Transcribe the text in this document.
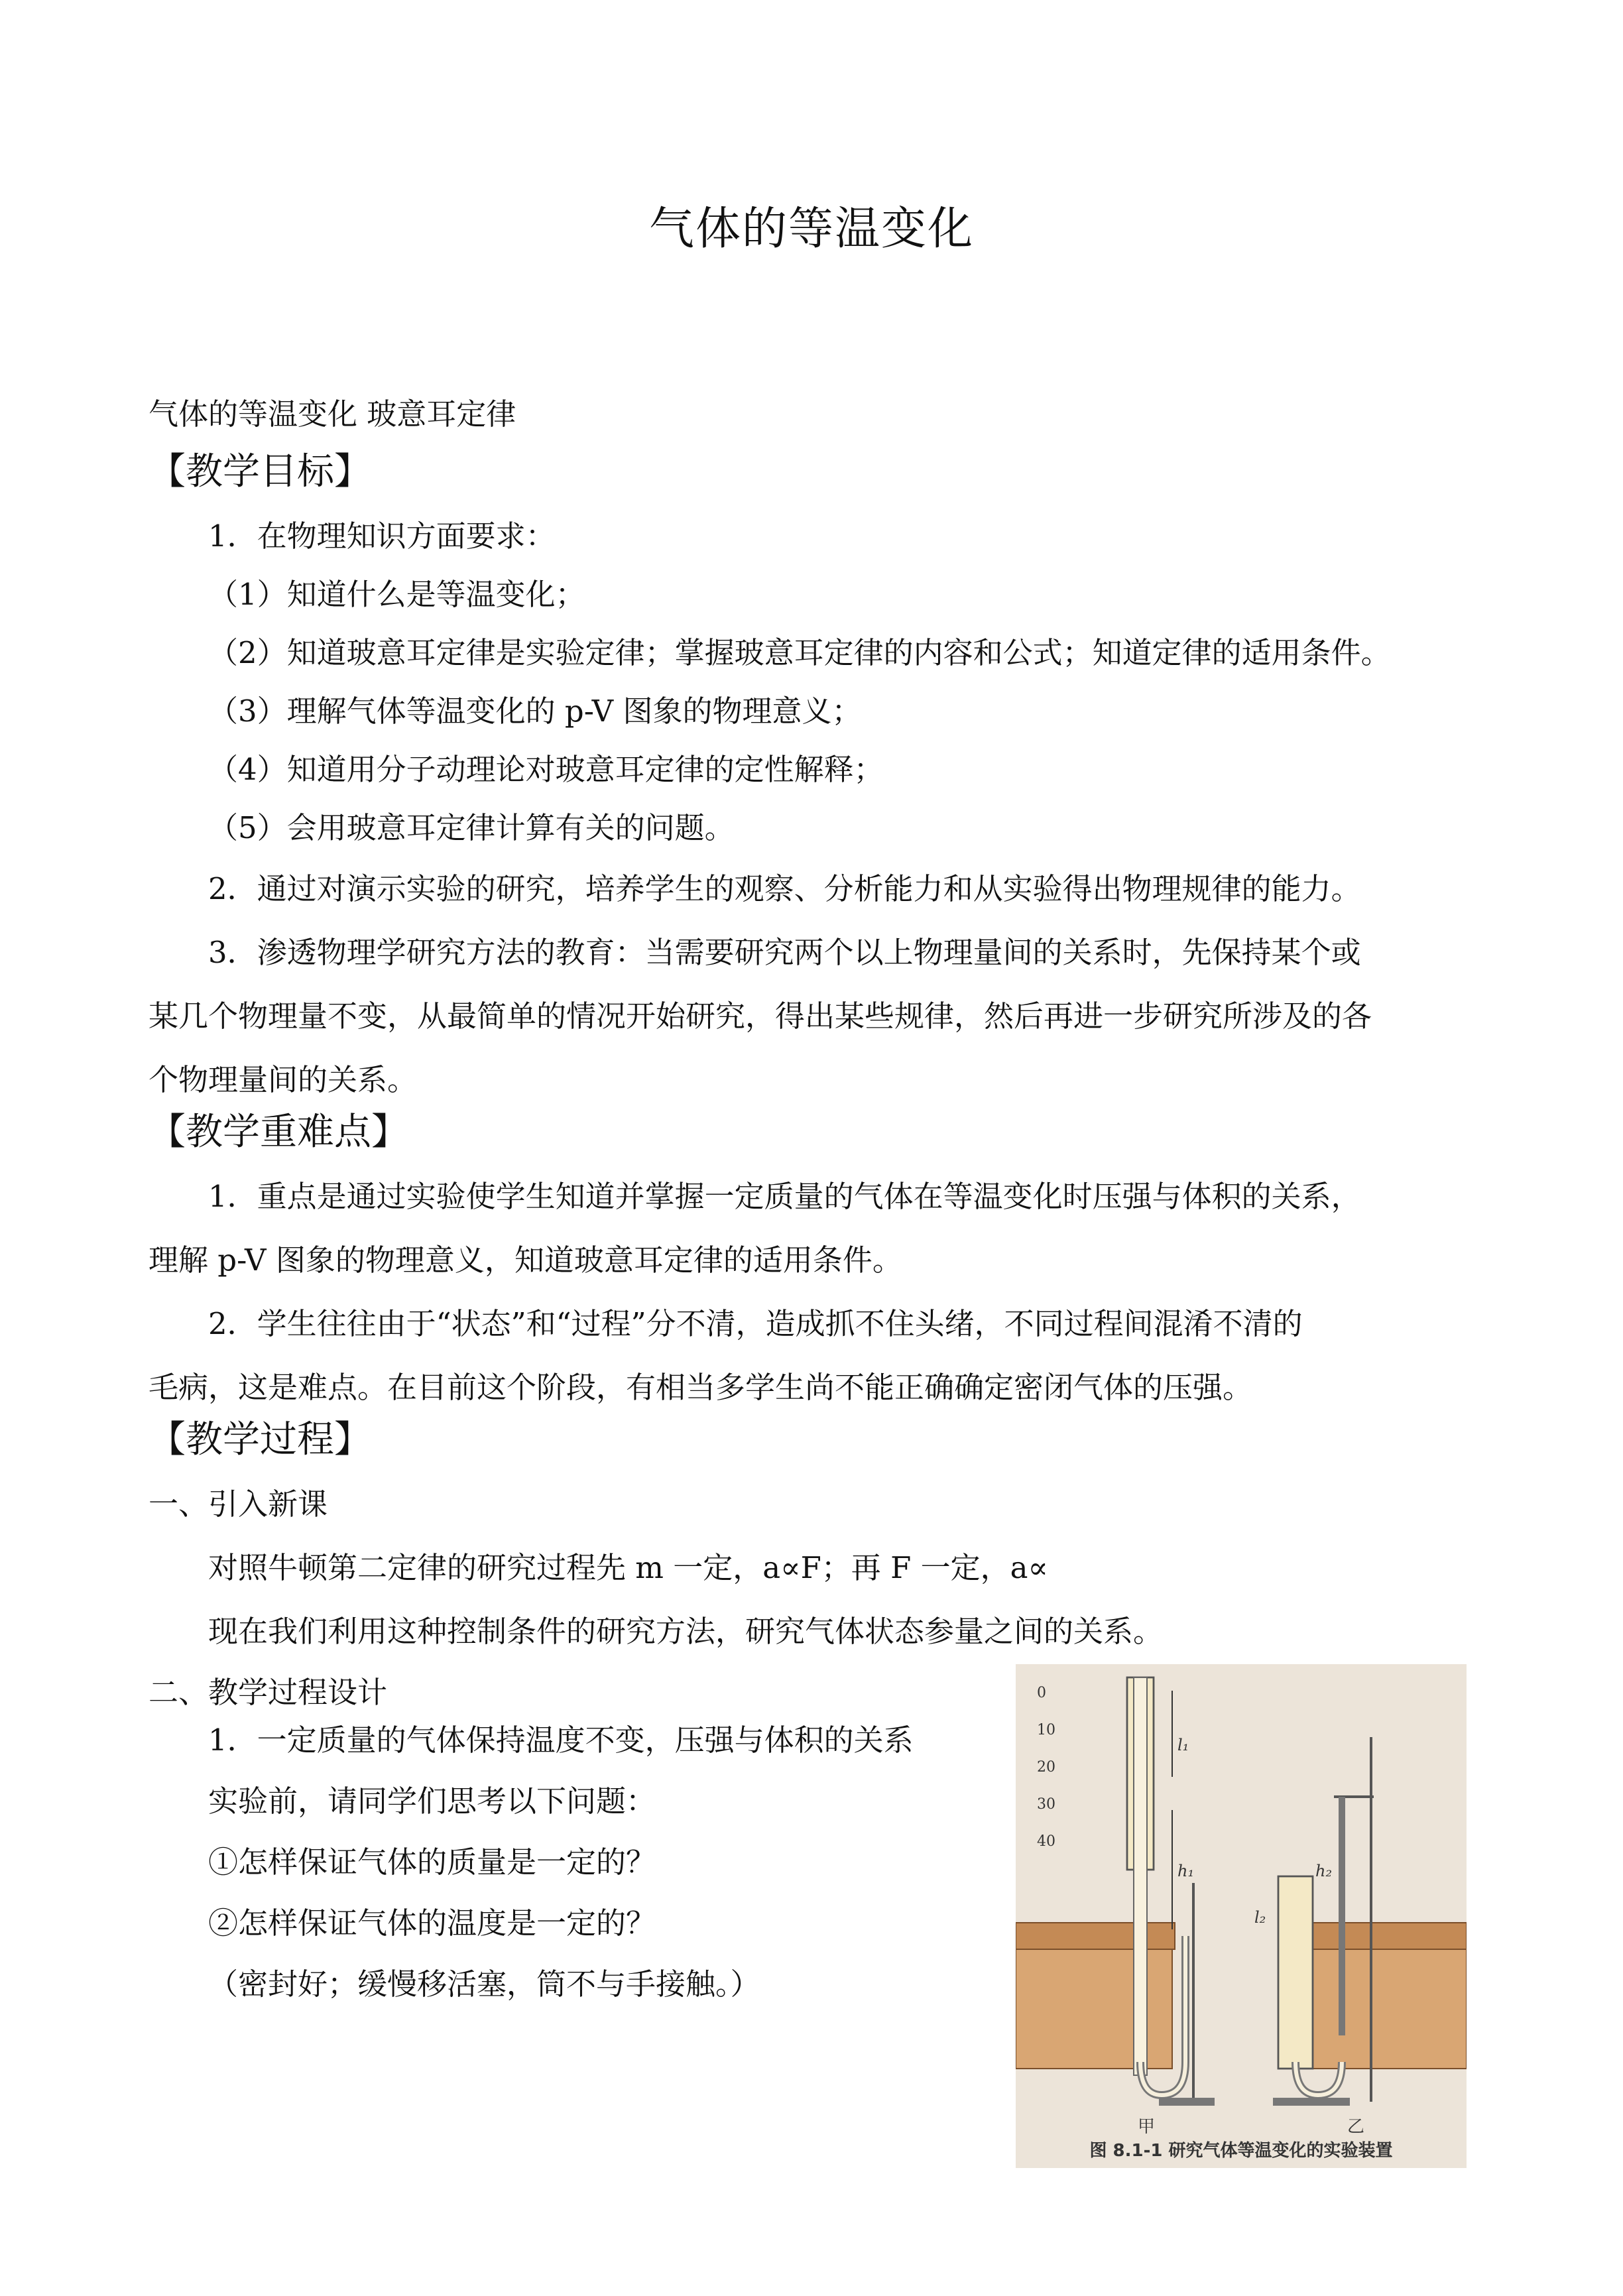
气体的等温变化
气体的等温变化 玻意耳定律
【教学目标】
1．在物理知识方面要求：
（1）知道什么是等温变化；
（2）知道玻意耳定律是实验定律；掌握玻意耳定律的内容和公式；知道定律的适用条件。
（3）理解气体等温变化的 p-V 图象的物理意义；
（4）知道用分子动理论对玻意耳定律的定性解释；
（5）会用玻意耳定律计算有关的问题。
2．通过对演示实验的研究，培养学生的观察、分析能力和从实验得出物理规律的能力。
3．渗透物理学研究方法的教育：当需要研究两个以上物理量间的关系时，先保持某个或
某几个物理量不变，从最简单的情况开始研究，得出某些规律，然后再进一步研究所涉及的各
个物理量间的关系。
【教学重难点】
1．重点是通过实验使学生知道并掌握一定质量的气体在等温变化时压强与体积的关系，
理解 p-V 图象的物理意义，知道玻意耳定律的适用条件。
2．学生往往由于“状态”和“过程”分不清，造成抓不住头绪，不同过程间混淆不清的
毛病，这是难点。在目前这个阶段，有相当多学生尚不能正确确定密闭气体的压强。
【教学过程】
一、引入新课
对照牛顿第二定律的研究过程先 m 一定，a∝F；再 F 一定，a∝
现在我们利用这种控制条件的研究方法，研究气体状态参量之间的关系。
二、教学过程设计
1．一定质量的气体保持温度不变，压强与体积的关系
实验前，请同学们思考以下问题：
①怎样保证气体的质量是一定的？
②怎样保证气体的温度是一定的？
（密封好；缓慢移活塞，筒不与手接触。）
0
10
20
30
40
l₁
h₁	h₂
l₂
甲	乙
图 8.1-1 研究气体等温变化的实验装置
